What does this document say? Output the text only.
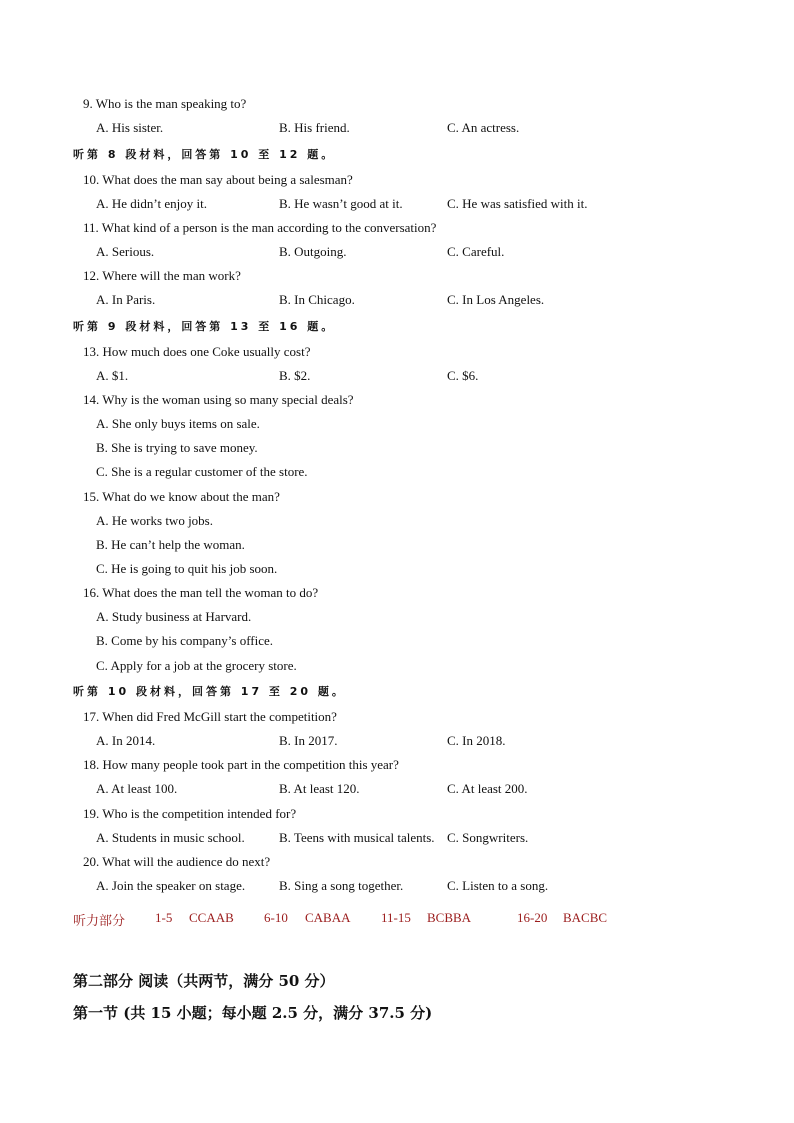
9. Who is the man speaking to?
A. His sister.	B. His friend.	C. An actress.
听第 8 段材料，回答第 10 至 12 题。
10. What does the man say about being a salesman?
A. He didn’t enjoy it.	B. He wasn’t good at it.	C. He was satisfied with it.
11. What kind of a person is the man according to the conversation?
A. Serious.	B. Outgoing.	C. Careful.
12. Where will the man work?
A. In Paris.	B. In Chicago.	C. In Los Angeles.
听第 9 段材料，回答第 13 至 16 题。
13. How much does one Coke usually cost?
A. $1.	B. $2.	C. $6.
14. Why is the woman using so many special deals?
A. She only buys items on sale.
B. She is trying to save money.
C. She is a regular customer of the store.
15. What do we know about the man?
A. He works two jobs.
B. He can’t help the woman.
C. He is going to quit his job soon.
16. What does the man tell the woman to do?
A. Study business at Harvard.
B. Come by his company’s office.
C. Apply for a job at the grocery store.
听第 10 段材料，回答第 17 至 20 题。
17. When did Fred McGill start the competition?
A. In 2014.	B. In 2017.	C. In 2018.
18. How many people took part in the competition this year?
A. At least 100.	B. At least 120.	C. At least 200.
19. Who is the competition intended for?
A. Students in music school.	B. Teens with musical talents. C. Songwriters.
20. What will the audience do next?
A. Join the speaker on stage.	B. Sing a song together.	C. Listen to a song.
听力部分 1-5 CCAAB 6-10 CABAA 11-15 BCBBA	16-20 BACBC
第二部分 阅读（共两节，满分 50 分）
第一节 (共 15 小题；每小题 2.5 分，满分 37.5 分)
